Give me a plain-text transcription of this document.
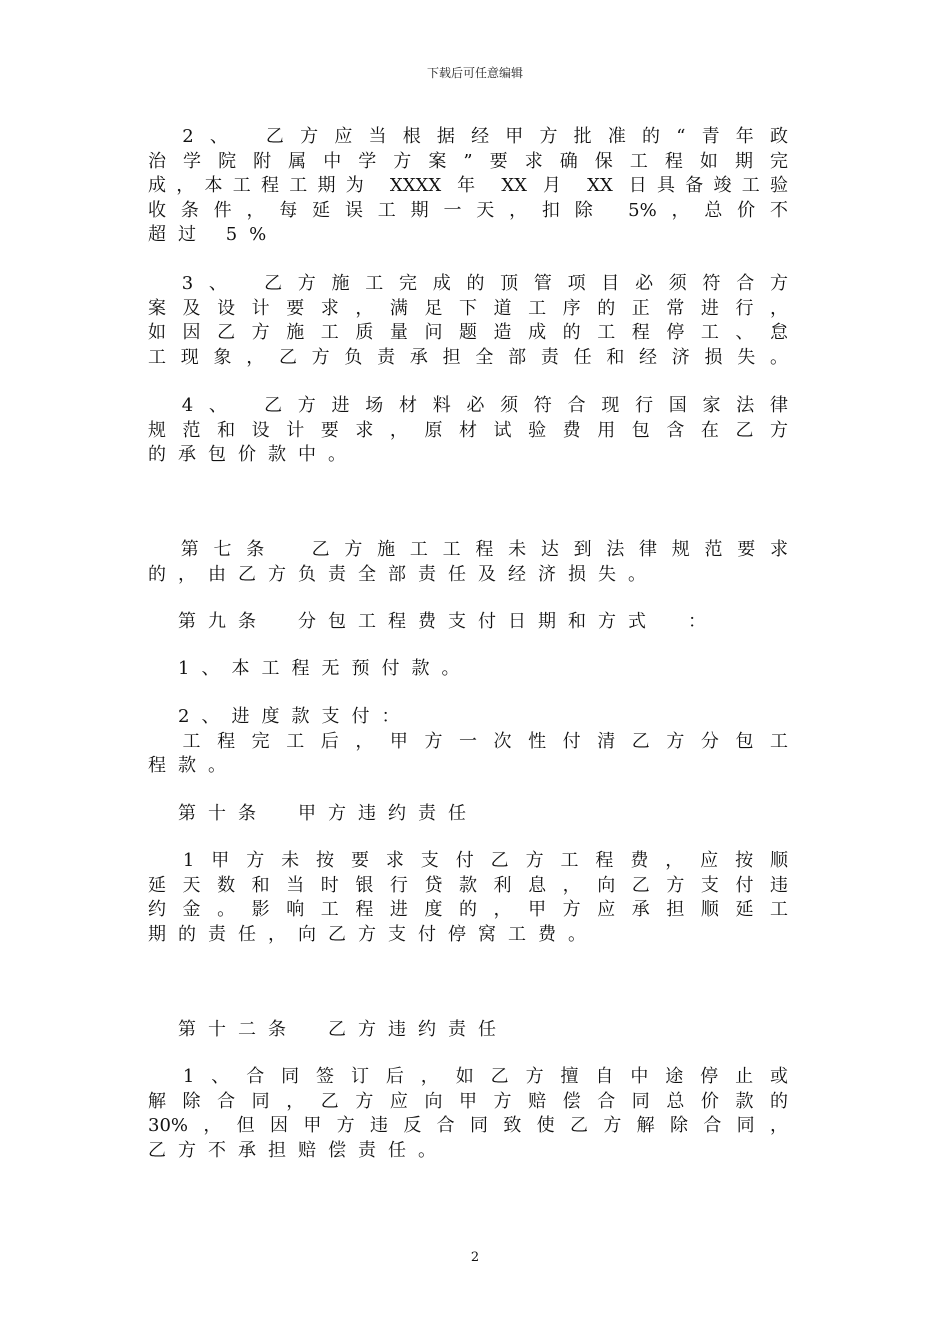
下载后可任意编辑
　2、 乙方应当根据经甲方批准的“青年政
治学院附属中学方案”要求确保工程如期完
成，本工程工期为 XXXX 年 XX 月 XX 日具备竣工验
收条件，每延误工期一天，扣除 5%，总价不
超过 5%
　3、 乙方施工完成的顶管项目必须符合方
案及设计要求，满足下道工序的正常进行，
如因乙方施工质量问题造成的工程停工、怠
工现象，乙方负责承担全部责任和经济损失。
　4、 乙方进场材料必须符合现行国家法律
规范和设计要求，原材试验费用包含在乙方
的承包价款中。
　第七条　乙方施工工程未达到法律规范要求
的，由乙方负责全部责任及经济损失。
　第九条　分包工程费支付日期和方式　：
　1、本工程无预付款。
　2、进度款支付：
　工程完工后，甲方一次性付清乙方分包工
程款。
　第十条　甲方违约责任
　1甲方未按要求支付乙方工程费，应按顺
延天数和当时银行贷款利息，向乙方支付违
约金。影响工程进度的，甲方应承担顺延工
期的责任，向乙方支付停窝工费。
　第十二条　乙方违约责任
　1、合同签订后，如乙方擅自中途停止或
解除合同，乙方应向甲方赔偿合同总价款的
30%，但因甲方违反合同致使乙方解除合同，
乙方不承担赔偿责任。
2
